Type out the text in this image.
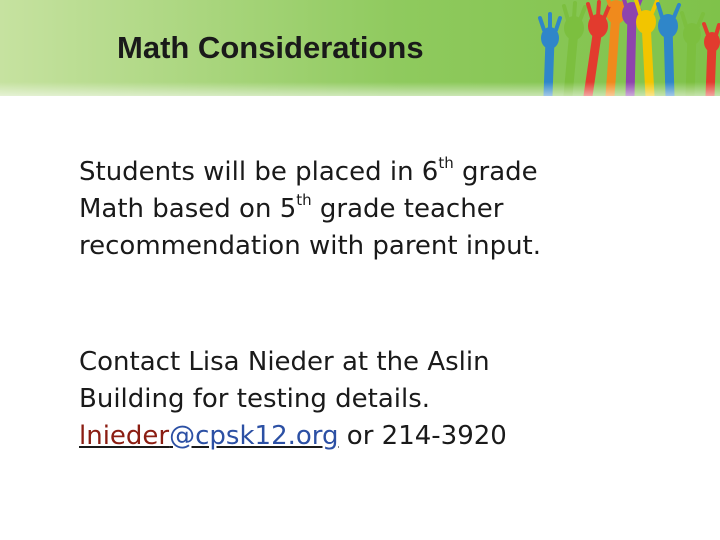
Math Considerations

Students will be placed in 6th grade
Math based on 5th grade teacher
recommendation with parent input.

Contact Lisa Nieder at the Aslin
Building for testing details.
lnieder@cpsk12.org or 214-3920
